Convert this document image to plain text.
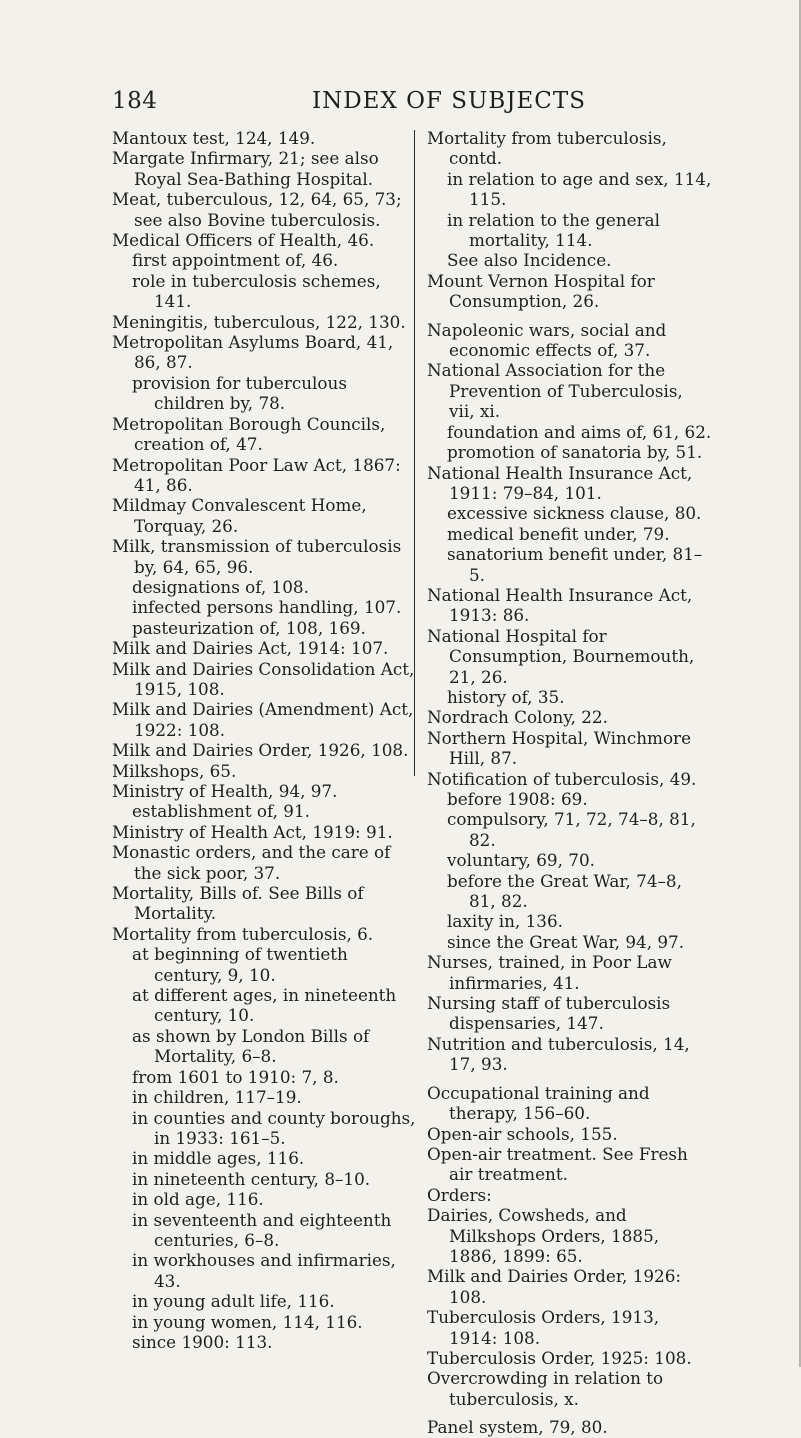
184	INDEX OF SUBJECTS

Mantoux test, 124, 149.

Margate Infirmary, 21; see also Royal Sea-Bathing Hospital.

Meat, tuberculous, 12, 64, 65, 73; see also Bovine tuberculosis.

Medical Officers of Health, 46.

first appointment of, 46.

role in tuberculosis schemes, 141.

Meningitis, tuberculous, 122, 130.

Metropolitan Asylums Board, 41, 86, 87.

provision for tuberculous children by, 78.

Metropolitan Borough Councils, creation of, 47.

Metropolitan Poor Law Act, 1867: 41, 86.

Mildmay Convalescent Home, Torquay, 26.

Milk, transmission of tuberculosis by, 64, 65, 96.

designations of, 108.

infected persons handling, 107.

pasteurization of, 108, 169.

Milk and Dairies Act, 1914: 107.

Milk and Dairies Consolidation Act, 1915, 108.

Milk and Dairies (Amendment) Act, 1922: 108.

Milk and Dairies Order, 1926, 108.

Milkshops, 65.

Ministry of Health, 94, 97.

establishment of, 91.

Ministry of Health Act, 1919: 91.

Monastic orders, and the care of the sick poor, 37.

Mortality, Bills of. See Bills of Mortality.

Mortality from tuberculosis, 6.

at beginning of twentieth century, 9, 10.

at different ages, in nineteenth century, 10.

as shown by London Bills of Mortality, 6–8.

from 1601 to 1910: 7, 8.

in children, 117–19.

in counties and county boroughs, in 1933: 161–5.

in middle ages, 116.

in nineteenth century, 8–10.

in old age, 116.

in seventeenth and eighteenth centuries, 6–8.

in workhouses and infirmaries, 43.

in young adult life, 116.

in young women, 114, 116.

since 1900: 113.

Mortality from tuberculosis, contd.

in relation to age and sex, 114, 115.

in relation to the general mortality, 114.

See also Incidence.

Mount Vernon Hospital for Consumption, 26.

Napoleonic wars, social and economic effects of, 37.

National Association for the Prevention of Tuberculosis, vii, xi.

foundation and aims of, 61, 62.

promotion of sanatoria by, 51.

National Health Insurance Act, 1911: 79–84, 101.

excessive sickness clause, 80.

medical benefit under, 79.

sanatorium benefit under, 81–5.

National Health Insurance Act, 1913: 86.

National Hospital for Consumption, Bournemouth, 21, 26.

history of, 35.

Nordrach Colony, 22.

Northern Hospital, Winchmore Hill, 87.

Notification of tuberculosis, 49.

before 1908: 69.

compulsory, 71, 72, 74–8, 81, 82.

voluntary, 69, 70.

before the Great War, 74–8, 81, 82.

laxity in, 136.

since the Great War, 94, 97.

Nurses, trained, in Poor Law infirmaries, 41.

Nursing staff of tuberculosis dispensaries, 147.

Nutrition and tuberculosis, 14, 17, 93.

Occupational training and therapy, 156–60.

Open-air schools, 155.

Open-air treatment. See Fresh air treatment.

Orders:

Dairies, Cowsheds, and Milkshops Orders, 1885, 1886, 1899: 65.

Milk and Dairies Order, 1926: 108.

Tuberculosis Orders, 1913, 1914: 108.

Tuberculosis Order, 1925: 108.

Overcrowding in relation to tuberculosis, x.

Panel system, 79, 80.
